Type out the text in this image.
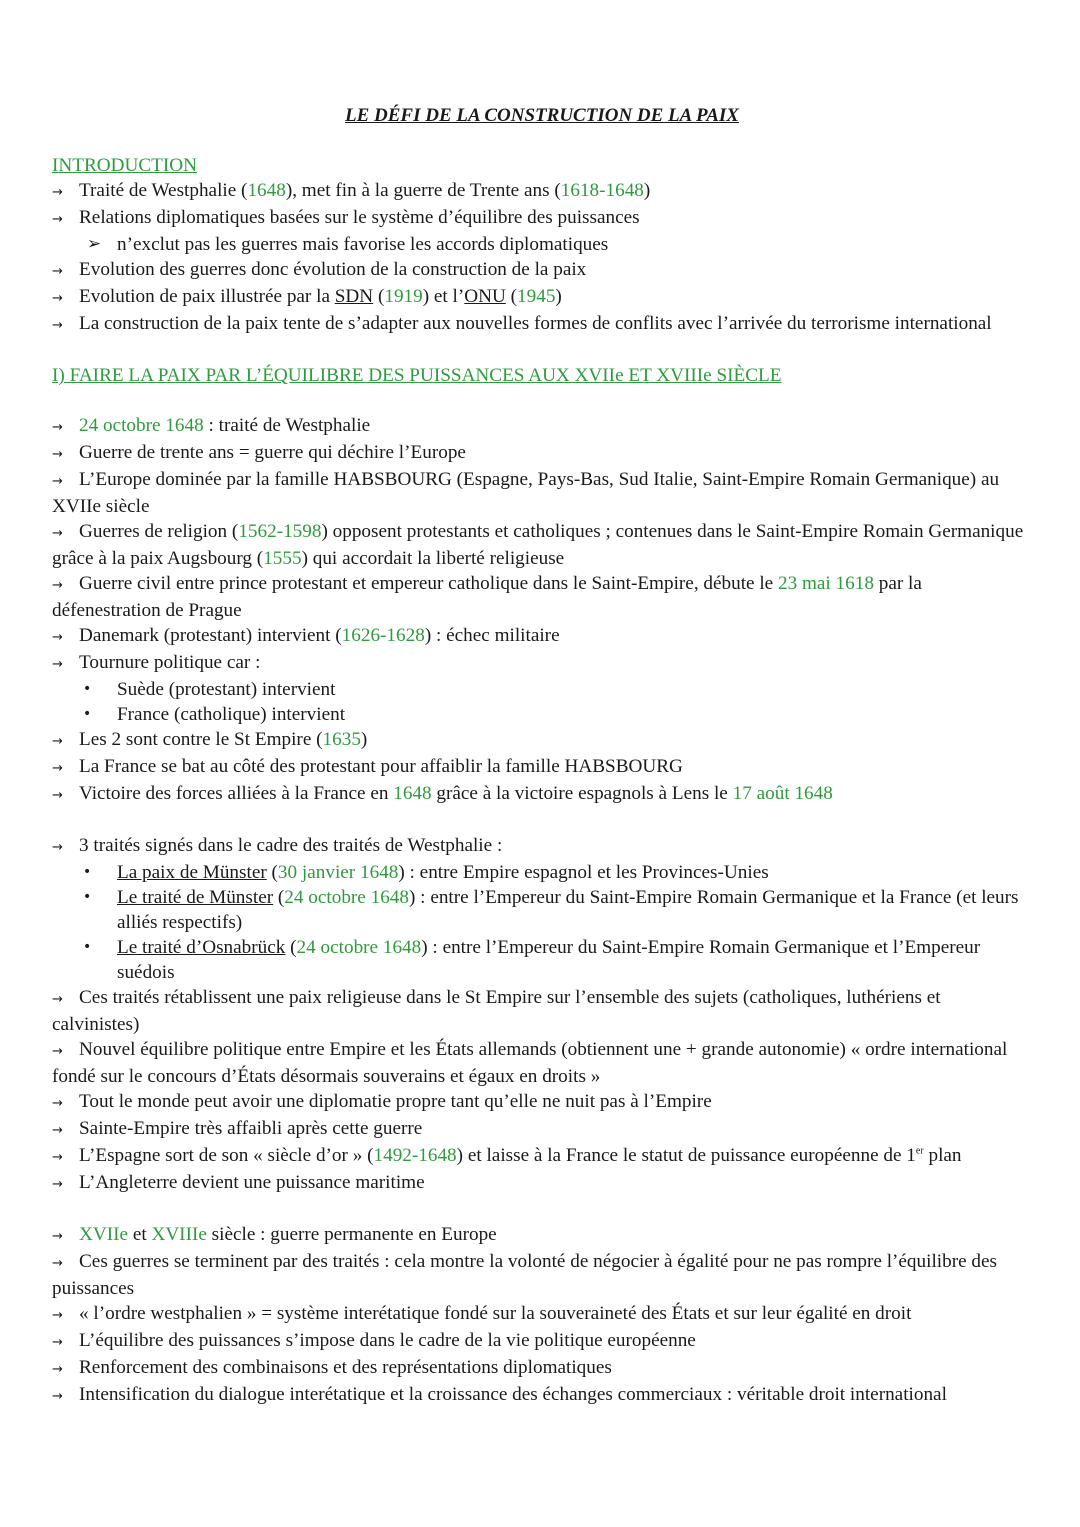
LE DÉFI DE LA CONSTRUCTION DE LA PAIX
INTRODUCTION
→ Traité de Westphalie (1648), met fin à la guerre de Trente ans (1618-1648)
→ Relations diplomatiques basées sur le système d’équilibre des puissances
➢ n’exclut pas les guerres mais favorise les accords diplomatiques
→ Evolution des guerres donc évolution de la construction de la paix
→ Evolution de paix illustrée par la SDN (1919) et l’ONU (1945)
→ La construction de la paix tente de s’adapter aux nouvelles formes de conflits avec l’arrivée du terrorisme international
I) FAIRE LA PAIX PAR L’ÉQUILIBRE DES PUISSANCES AUX XVIIe ET XVIIIe SIÈCLE
→ 24 octobre 1648 : traité de Westphalie
→ Guerre de trente ans = guerre qui déchire l’Europe
→ L’Europe dominée par la famille HABSBOURG (Espagne, Pays-Bas, Sud Italie, Saint-Empire Romain Germanique) au XVIIe siècle
→ Guerres de religion (1562-1598) opposent protestants et catholiques ; contenues dans le Saint-Empire Romain Germanique grâce à la paix Augsbourg (1555) qui accordait la liberté religieuse
→ Guerre civil entre prince protestant et empereur catholique dans le Saint-Empire, débute le 23 mai 1618 par la défenestration de Prague
→ Danemark (protestant) intervient (1626-1628) : échec militaire
→ Tournure politique car :
• Suède (protestant) intervient
• France (catholique) intervient
→ Les 2 sont contre le St Empire (1635)
→ La France se bat au côté des protestant pour affaiblir la famille HABSBOURG
→ Victoire des forces alliées à la France en 1648 grâce à la victoire espagnols à Lens le 17 août 1648
→ 3 traités signés dans le cadre des traités de Westphalie :
• La paix de Münster (30 janvier 1648) : entre Empire espagnol et les Provinces-Unies
• Le traité de Münster (24 octobre 1648) : entre l’Empereur du Saint-Empire Romain Germanique et la France (et leurs alliés respectifs)
• Le traité d’Osnabrück (24 octobre 1648) : entre l’Empereur du Saint-Empire Romain Germanique et l’Empereur suédois
→ Ces traités rétablissent une paix religieuse dans le St Empire sur l’ensemble des sujets (catholiques, luthériens et calvinistes)
→ Nouvel équilibre politique entre Empire et les États allemands (obtiennent une + grande autonomie) « ordre international fondé sur le concours d’États désormais souverains et égaux en droits »
→ Tout le monde peut avoir une diplomatie propre tant qu’elle ne nuit pas à l’Empire
→ Sainte-Empire très affaibli après cette guerre
→ L’Espagne sort de son « siècle d’or » (1492-1648) et laisse à la France le statut de puissance européenne de 1er plan
→ L’Angleterre devient une puissance maritime
→ XVIIe et XVIIIe siècle : guerre permanente en Europe
→ Ces guerres se terminent par des traités : cela montre la volonté de négocier à égalité pour ne pas rompre l’équilibre des puissances
→ « l’ordre westphalien » = système interétatique fondé sur la souveraineté des États et sur leur égalité en droit
→ L’équilibre des puissances s’impose dans le cadre de la vie politique européenne
→ Renforcement des combinaisons et des représentations diplomatiques
→ Intensification du dialogue interétatique et la croissance des échanges commerciaux : véritable droit international
